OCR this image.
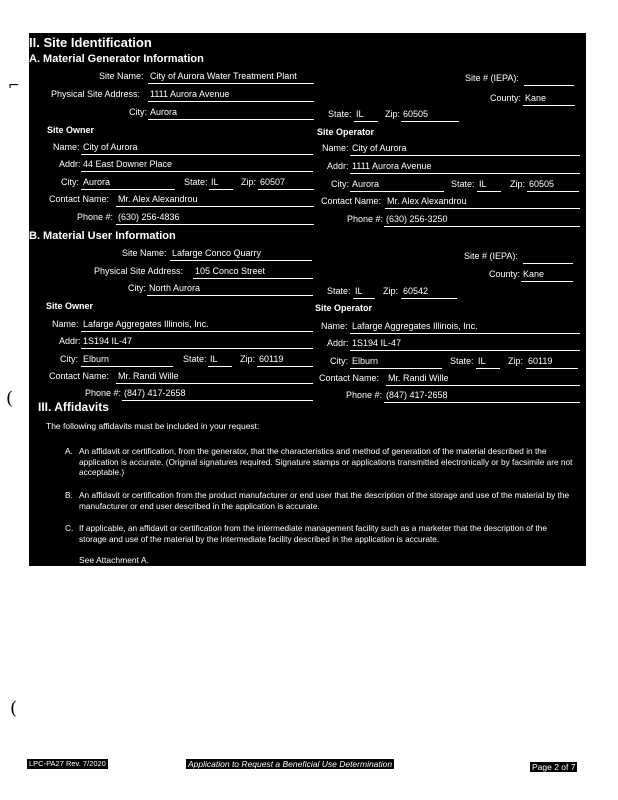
II. Site Identification
A. Material Generator Information
Site Name: City of Aurora Water Treatment Plant	Site # (IEPA):
Physical Site Address: 1111 Aurora Avenue	County: Kane
City: Aurora	State: IL Zip: 60505
Site Owner
Name: City of Aurora
Addr: 44 East Downer Place
City: Aurora	State: IL Zip: 60507
Contact Name: Mr. Alex Alexandrou
Phone #: (630) 256-4836
Site Operator
Name: City of Aurora
Addr: 1111 Aurora Avenue
City: Aurora	State: IL	Zip: 60505
Contact Name: Mr. Alex Alexandrou
Phone #: (630) 256-3250
B. Material User Information
Site Name: Lafarge Conco Quarry	Site # (IEPA):
Physical Site Address: 105 Conco Street	County: Kane
City: North Aurora	State: IL Zip: 60542
Site Owner
Name: Lafarge Aggregates Illinois, Inc.
Addr: 1S194 IL-47
City: Elburn	State: IL Zip: 60119
Contact Name: Mr. Randi Wille
Phone #: (847) 417-2658
Site Operator
Name: Lafarge Aggregates Illinois, Inc.
Addr: 1S194 IL-47
City: Elburn	State: IL Zip: 60119
Contact Name: Mr. Randi Wille
Phone #: (847) 417-2658
III. Affidavits
The following affidavits must be included in your request:
A. An affidavit or certification, from the generator, that the characteristics and method of generation of the material described in the application is accurate. (Original signatures required. Signature stamps or applications transmitted electronically or by facsimile are not acceptable.)
B. An affidavit or certification from the product manufacturer or end user that the description of the storage and use of the material by the manufacturer or end user described in the application is accurate.
C. If applicable, an affidavit or certification from the intermediate management facility such as a marketer that the description of the storage and use of the material by the intermediate facility described in the application is accurate.
See Attachment A.
⌐
(
(
LPC-PA27 Rev. 7/2020	Application to Request a Beneficial Use Determination	Page 2 of 7
